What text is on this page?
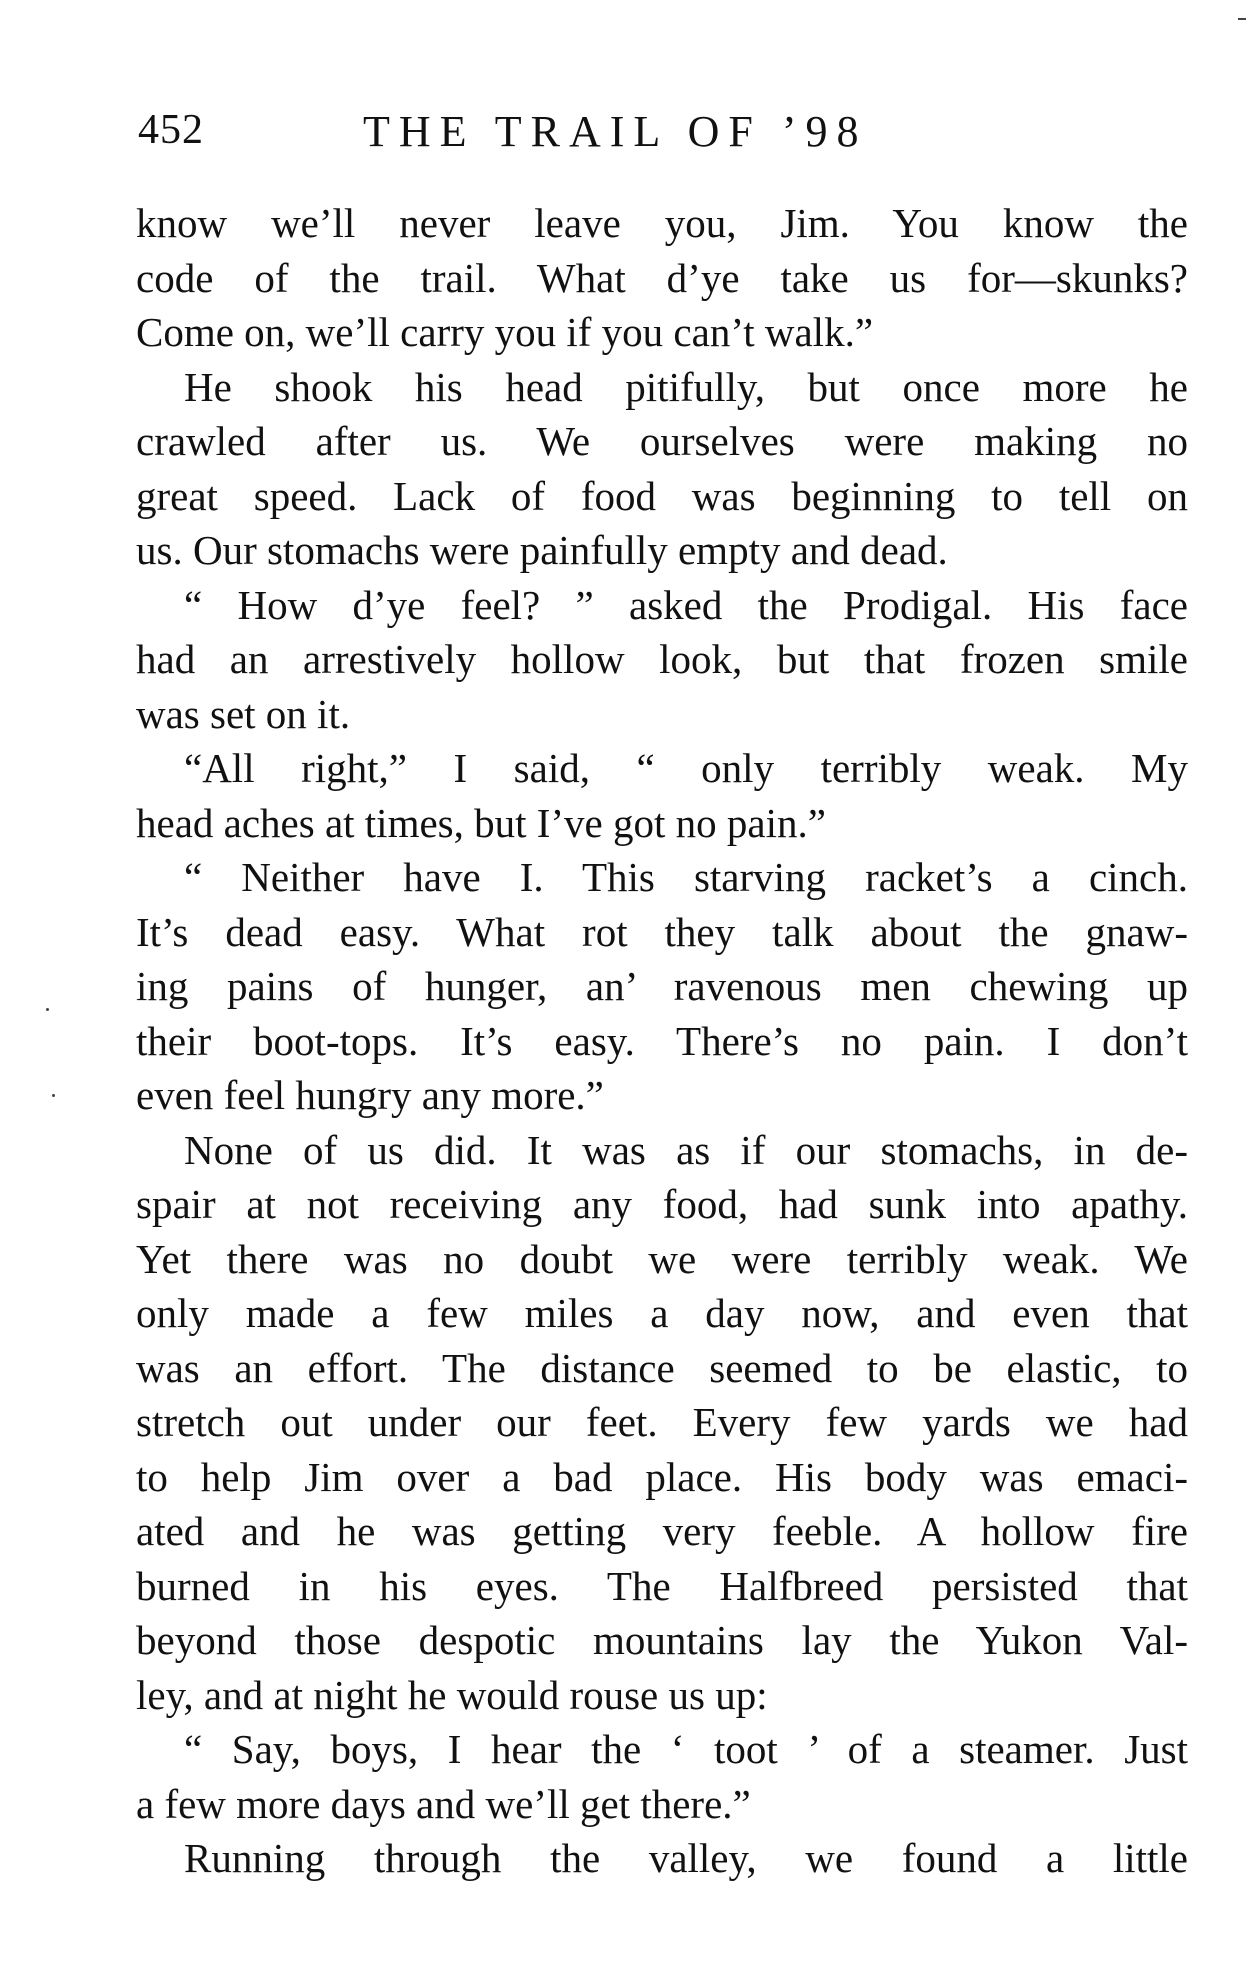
452	THE TRAIL OF ’98
know we’ll never leave you, Jim. You know the
code of the trail. What d’ye take us for—skunks?
Come on, we’ll carry you if you can’t walk.”
He shook his head pitifully, but once more he
crawled after us. We ourselves were making no
great speed. Lack of food was beginning to tell on
us. Our stomachs were painfully empty and dead.
“ How d’ye feel? ” asked the Prodigal. His face
had an arrestively hollow look, but that frozen smile
was set on it.
“All right,” I said, “ only terribly weak. My
head aches at times, but I’ve got no pain.”
“ Neither have I. This starving racket’s a cinch.
It’s dead easy. What rot they talk about the gnaw-
ing pains of hunger, an’ ravenous men chewing up
their boot-tops. It’s easy. There’s no pain. I don’t
even feel hungry any more.”
None of us did. It was as if our stomachs, in de-
spair at not receiving any food, had sunk into apathy.
Yet there was no doubt we were terribly weak. We
only made a few miles a day now, and even that
was an effort. The distance seemed to be elastic, to
stretch out under our feet. Every few yards we had
to help Jim over a bad place. His body was emaci-
ated and he was getting very feeble. A hollow fire
burned in his eyes. The Halfbreed persisted that
beyond those despotic mountains lay the Yukon Val-
ley, and at night he would rouse us up:
“ Say, boys, I hear the ‘ toot ’ of a steamer. Just
a few more days and we’ll get there.”
Running through the valley, we found a little
